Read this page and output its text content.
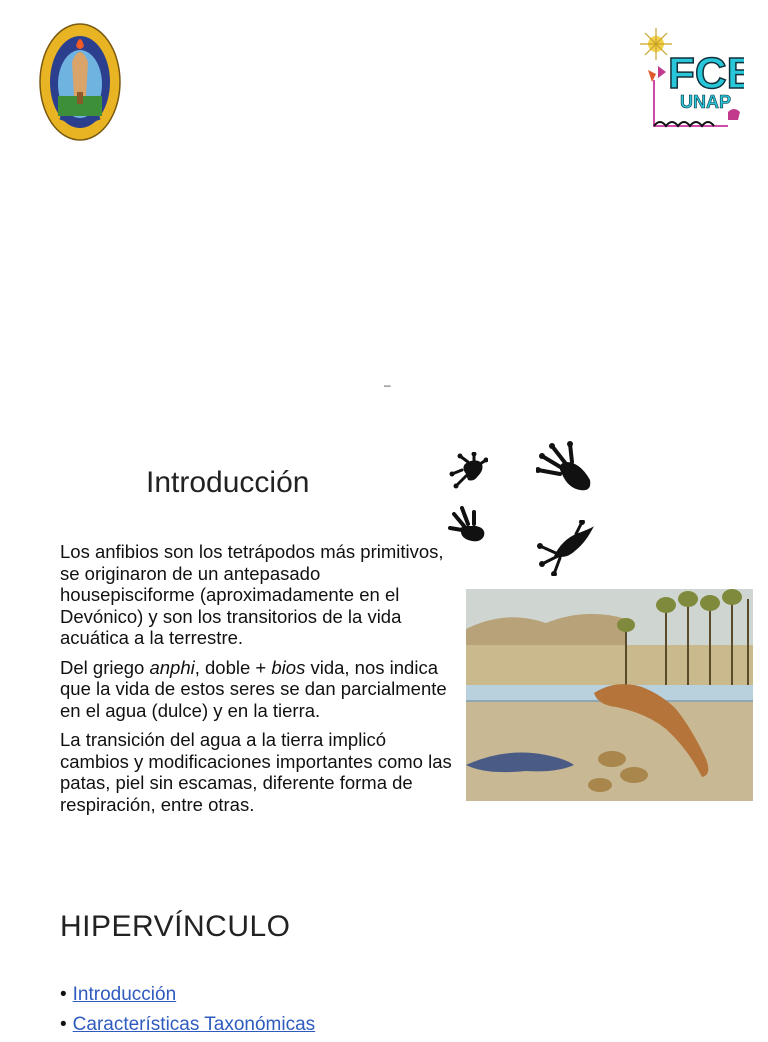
FCB
UNAP
–
Introducción

Los anfibios son los tetrápodos más primitivos, se originaron de un antepasado housepisciforme (aproximadamente en el Devónico) y son los transitorios de la vida acuática a la terrestre.

Del griego anphi, doble + bios vida, nos indica que la vida de estos seres se dan parcialmente en el agua (dulce) y en la tierra.

La transición del agua a la tierra implicó cambios y modificaciones importantes como las patas, piel sin escamas, diferente forma de respiración, entre otras.

HIPERVÍNCULO
• Introducción
• Características Taxonómicas
